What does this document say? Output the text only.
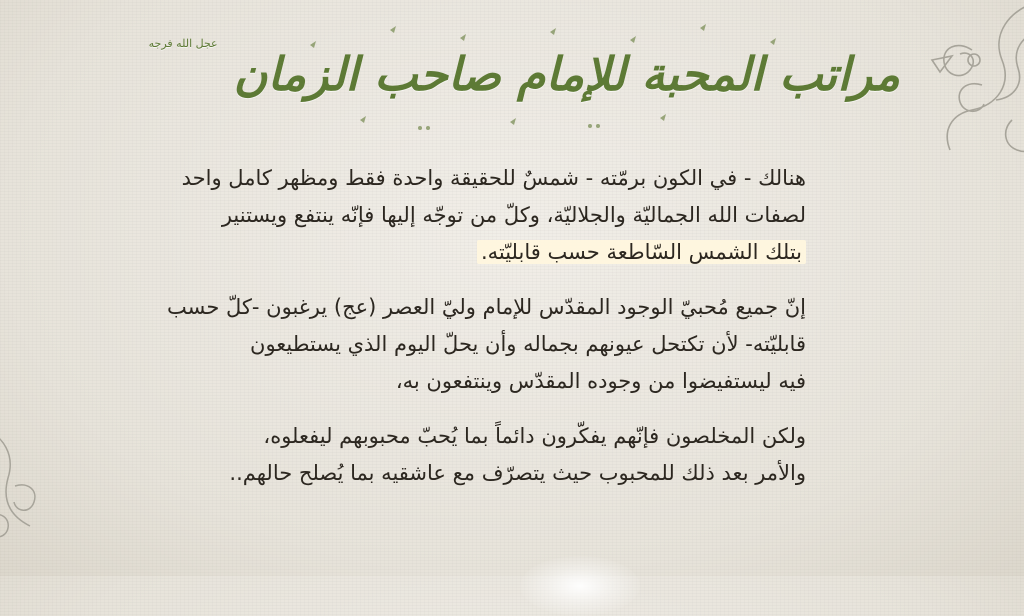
مراتب المحبة للإمام صاحب الزمان $^{عجل الله فرجه}$
هنالك - في الكون برمّته - شمسٌ للحقيقة واحدة فقط ومظهر كامل واحد
لصفات الله الجماليّة والجلاليّة، وكلّ من توجّه إليها فإنّه ينتفع ويستنير
بتلك الشمس السّاطعة حسب قابليّته.
إنّ جميع مُحبيّ الوجود المقدّس للإمام وليّ العصر (عج) يرغبون -كلّ حسب
قابليّته- لأن تكتحل عيونهم بجماله وأن يحلّ اليوم الذي يستطيعون
فيه ليستفيضوا من وجوده المقدّس وينتفعون به،
ولكن المخلصون فإنّهم يفكّرون دائماً بما يُحبّ محبوبهم ليفعلوه،
والأمر بعد ذلك للمحبوب حيث يتصرّف مع عاشقيه بما يُصلح حالهم..
